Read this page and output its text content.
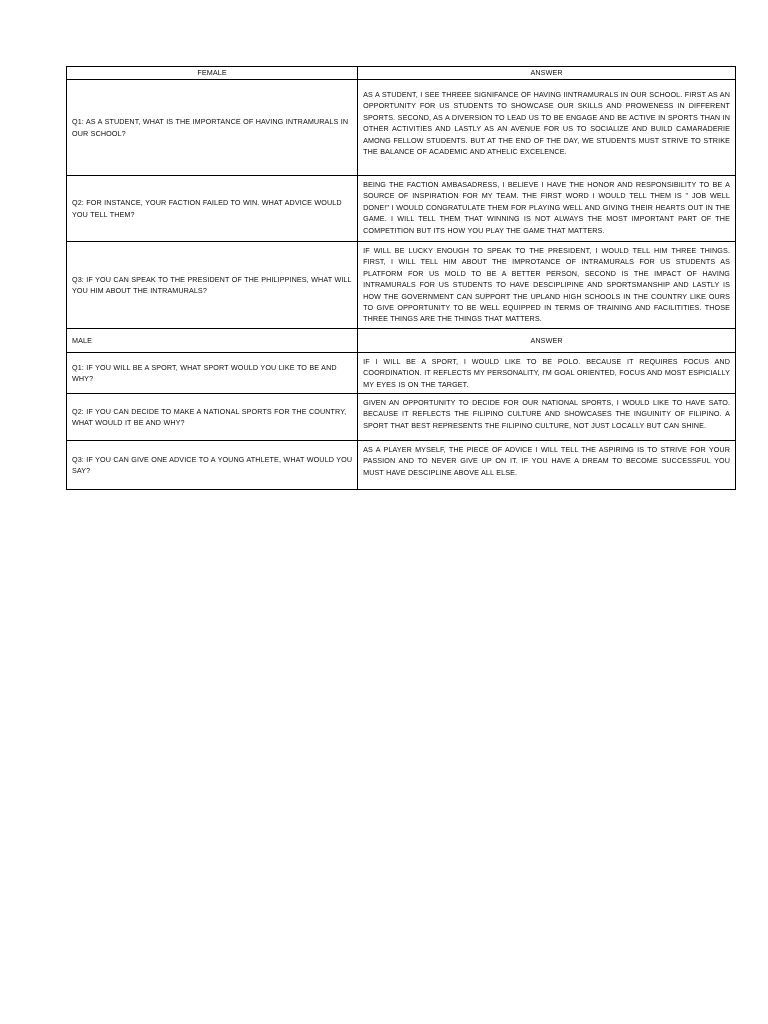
FEMALE	ANSWER
Q1: AS A STUDENT, WHAT IS THE IMPORTANCE OF HAVING INTRAMURALS IN OUR SCHOOL?	AS A STUDENT, I SEE THREEE SIGNIFANCE OF HAVING IINTRAMURALS IN OUR SCHOOL. FIRST AS AN OPPORTUNITY FOR US STUDENTS TO SHOWCASE OUR SKILLS AND PROWENESS IN DIFFERENT SPORTS. SECOND, AS A DIVERSION TO LEAD US TO BE ENGAGE AND BE ACTIVE IN SPORTS THAN IN OTHER ACTIVITIES AND LASTLY AS AN AVENUE FOR US TO SOCIALIZE AND BUILD CAMARADERIE AMONG FELLOW STUDENTS. BUT AT THE END OF THE DAY, WE STUDENTS MUST STRIVE TO STRIKE THE BALANCE OF ACADEMIC AND ATHELIC EXCELENCE.
Q2: FOR INSTANCE, YOUR FACTION FAILED TO WIN. WHAT ADVICE WOULD YOU TELL THEM?	BEING THE FACTION AMBASADRESS, I BELIEVE I HAVE THE HONOR AND RESPONSIBILITY TO BE A SOURCE OF INSPIRATION FOR MY TEAM. THE FIRST WORD I WOULD TELL THEM IS " JOB WELL DONE!" I WOULD CONGRATULATE THEM FOR PLAYING WELL AND GIVING THEIR HEARTS OUT IN THE GAME. I WILL TELL THEM THAT WINNING IS NOT ALWAYS THE MOST IMPORTANT PART OF THE COMPETITION BUT ITS HOW YOU PLAY THE GAME THAT MATTERS.
Q3: IF YOU CAN SPEAK TO THE PRESIDENT OF THE PHILIPPINES, WHAT WILL YOU HIM ABOUT THE INTRAMURALS?	IF WILL BE LUCKY ENOUGH TO SPEAK TO THE PRESIDENT, I WOULD TELL HIM THREE THINGS. FIRST, I WILL TELL HIM ABOUT THE IMPROTANCE OF INTRAMURALS FOR US STUDENTS AS PLATFORM FOR US MOLD TO BE A BETTER PERSON, SECOND IS THE IMPACT OF HAVING INTRAMURALS FOR US STUDENTS TO HAVE DESCIPLIPINE AND SPORTSMANSHIP AND LASTLY IS HOW THE GOVERNMENT CAN SUPPORT THE UPLAND HIGH SCHOOLS IN THE COUNTRY LIKE OURS TO GIVE OPPORTUNITY TO BE WELL EQUIPPED IN TERMS OF TRAINING AND FACILITITIES. THOSE THREE THINGS ARE THE THINGS THAT MATTERS.
MALE	ANSWER
Q1: IF YOU WILL BE A SPORT, WHAT SPORT WOULD YOU LIKE TO BE AND WHY?	IF I WILL BE A SPORT, I WOULD LIKE TO BE POLO. BECAUSE IT REQUIRES FOCUS AND COORDINATION. IT REFLECTS MY PERSONALITY, I'M GOAL ORIENTED, FOCUS AND MOST ESPICIALLY MY EYES IS ON THE TARGET.
Q2: IF YOU CAN DECIDE TO MAKE A NATIONAL SPORTS FOR THE COUNTRY, WHAT WOULD IT BE AND WHY?	GIVEN AN OPPORTUNITY TO DECIDE FOR OUR NATIONAL SPORTS, I WOULD LIKE TO HAVE SATO. BECAUSE IT REFLECTS THE FILIPINO CULTURE AND SHOWCASES THE INGUINITY OF FILIPINO. A SPORT THAT BEST REPRESENTS THE FILIPINO CULTURE, NOT JUST LOCALLY BUT CAN SHINE.
Q3: IF YOU CAN GIVE ONE ADVICE TO A YOUNG ATHLETE, WHAT WOULD YOU SAY?	AS A PLAYER MYSELF, THE PIECE OF ADVICE I WILL TELL THE ASPIRING IS TO STRIVE FOR YOUR PASSION AND TO NEVER GIVE UP ON IT. IF YOU HAVE A DREAM TO BECOME SUCCESSFUL YOU MUST HAVE DESCIPLINE ABOVE ALL ELSE.
